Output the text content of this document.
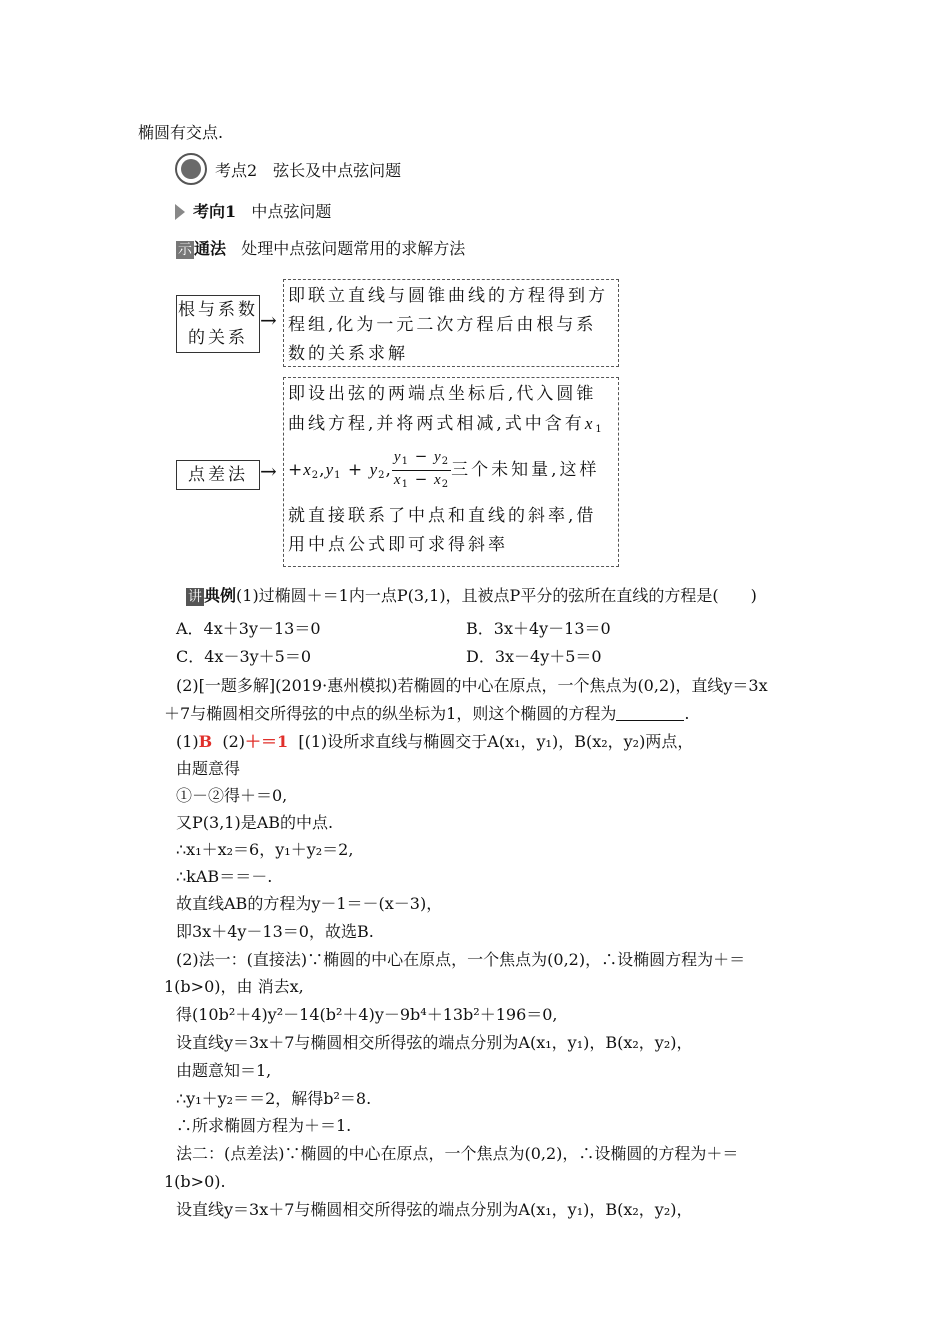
椭圆有交点.
考点2　弦长及中点弦问题
考向1 中点弦问题
示 通法 处理中点弦问题常用的求解方法
根与系数
的关系
→
即联立直线与圆锥曲线的方程得到方
程组,化为一元二次方程后由根与系
数的关系求解
点差法 →
即设出弦的两端点坐标后,代入圆锥
曲线方程,并将两式相减,式中含有$x_1$
$+x_2,y_1 + y_2$, $\frac{y_1 - y_2}{x_1 - x_2}$ 三个未知量,这样
就直接联系了中点和直线的斜率,借
用中点公式即可求得斜率
讲 典例(1)过椭圆＋＝1内一点P(3,1)，且被点P平分的弦所在直线的方程是(　　)
A．4x＋3y－13＝0	B．3x＋4y－13＝0
C．4x－3y＋5＝0	D．3x－4y＋5＝0
(2)[一题多解](2019·惠州模拟)若椭圆的中心在原点，一个焦点为(0,2)，直线y＝3x
＋7与椭圆相交所得弦的中点的纵坐标为1，则这个椭圆的方程为	.
(1)B (2)＋＝1 [(1)设所求直线与椭圆交于A(x₁，y₁)，B(x₂，y₂)两点，
由题意得
①－②得＋＝0,
又P(3,1)是AB的中点.
∴x₁＋x₂＝6，y₁＋y₂＝2,
∴kAB＝＝－.
故直线AB的方程为y－1＝－(x－3)，
即3x＋4y－13＝0，故选B.
(2)法一：(直接法)∵椭圆的中心在原点，一个焦点为(0,2)，∴设椭圆方程为＋＝
1(b>0)，由 消去x,
得(10b²＋4)y²－14(b²＋4)y－9b⁴＋13b²＋196＝0,
设直线y＝3x＋7与椭圆相交所得弦的端点分别为A(x₁，y₁)，B(x₂，y₂)，
由题意知＝1,
∴y₁＋y₂＝＝2，解得b²＝8.
∴所求椭圆方程为＋＝1.
法二：(点差法)∵椭圆的中心在原点，一个焦点为(0,2)，∴设椭圆的方程为＋＝
1(b>0).
设直线y＝3x＋7与椭圆相交所得弦的端点分别为A(x₁，y₁)，B(x₂，y₂)，
